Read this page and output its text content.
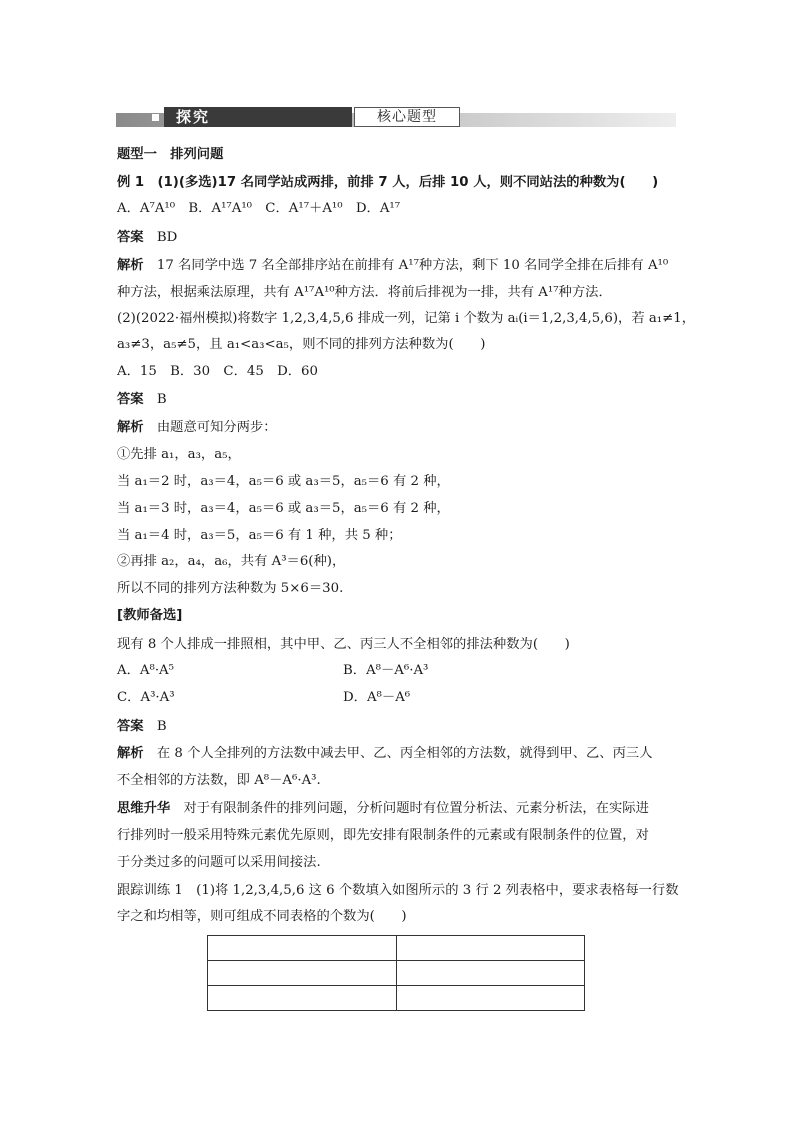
探究	核心题型
题型一　排列问题
例 1　(1)(多选)17 名同学站成两排，前排 7 人，后排 10 人，则不同站法的种数为(　　)
A．A⁷A¹⁰　B．A¹⁷A¹⁰　C．A¹⁷＋A¹⁰　D．A¹⁷
答案　 BD
解析　 17 名同学中选 7 名全部排序站在前排有 A¹⁷种方法，剩下 10 名同学全排在后排有 A¹⁰
种方法，根据乘法原理，共有 A¹⁷A¹⁰种方法．将前后排视为一排，共有 A¹⁷种方法．
(2)(2022·福州模拟)将数字 1,2,3,4,5,6 排成一列，记第 i 个数为 aᵢ(i＝1,2,3,4,5,6)，若 a₁≠1，
a₃≠3，a₅≠5，且 a₁<a₃<a₅，则不同的排列方法种数为(　　)
A．15　B．30　C．45　D．60
答案　 B
解析　 由题意可知分两步：
①先排 a₁，a₃，a₅，
当 a₁＝2 时，a₃＝4，a₅＝6 或 a₃＝5，a₅＝6 有 2 种，
当 a₁＝3 时，a₃＝4，a₅＝6 或 a₃＝5，a₅＝6 有 2 种，
当 a₁＝4 时，a₃＝5，a₅＝6 有 1 种，共 5 种；
②再排 a₂，a₄，a₆，共有 A³＝6(种)，
所以不同的排列方法种数为 5×6＝30.
[教师备选]
现有 8 个人排成一排照相，其中甲、乙、丙三人不全相邻的排法种数为(　　)
A．A⁸·A⁵	B．A⁸－A⁶·A³
C．A³·A³	D．A⁸－A⁶
答案　 B
解析　 在 8 个人全排列的方法数中减去甲、乙、丙全相邻的方法数，就得到甲、乙、丙三人
不全相邻的方法数，即 A⁸－A⁶·A³.
思维升华　 对于有限制条件的排列问题，分析问题时有位置分析法、元素分析法，在实际进
行排列时一般采用特殊元素优先原则，即先安排有限制条件的元素或有限制条件的位置，对
于分类过多的问题可以采用间接法.
跟踪训练 1　(1)将 1,2,3,4,5,6 这 6 个数填入如图所示的 3 行 2 列表格中，要求表格每一行数
字之和均相等，则可组成不同表格的个数为(　　)
